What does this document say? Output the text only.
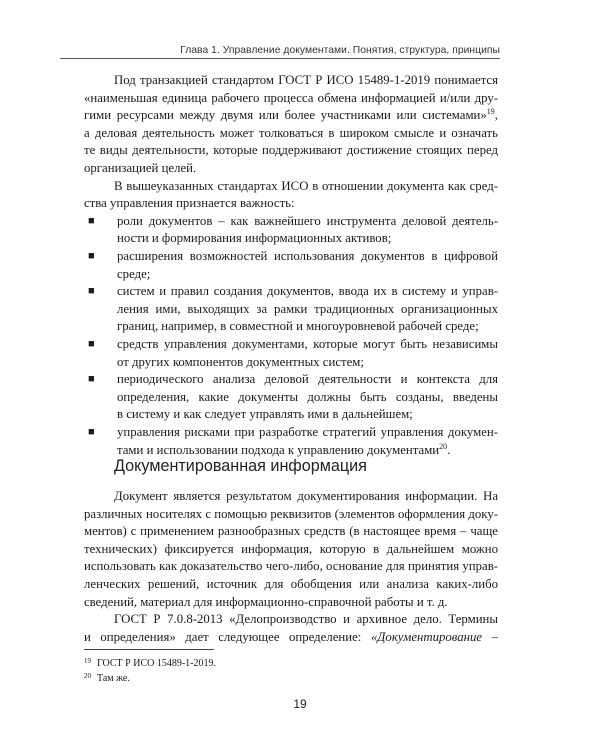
Глава 1. Управление документами. Понятия, структура, принципы

Под транзакцией стандартом ГОСТ Р ИСО 15489-1-2019 понимается

«наименьшая единица рабочего процесса обмена информацией и/или дру-

гими ресурсами между двумя или более участниками или системами»$^{19}$,

а деловая деятельность может толковаться в широком смысле и означать

те виды деятельности, которые поддерживают достижение стоящих перед

организацией целей.

В вышеуказанных стандартах ИСО в отношении документа как сред-

ства управления признается важность:

■ роли документов – как важнейшего инструмента деловой деятель-
ности и формирования информационных активов;
■ расширения возможностей использования документов в цифровой
среде;
■ систем и правил создания документов, ввода их в систему и управ-
ления ими, выходящих за рамки традиционных организационных
границ, например, в совместной и многоуровневой рабочей среде;
■ средств управления документами, которые могут быть независимы
от других компонентов документных систем;
■ периодического анализа деловой деятельности и контекста для
определения, какие документы должны быть созданы, введены
в систему и как следует управлять ими в дальнейшем;
■ управления рисками при разработке стратегий управления докумен-
тами и использовании подхода к управлению документами$^{20}$.
Документированная информация

Документ является результатом документирования информации. На

различных носителях с помощью реквизитов (элементов оформления доку-

ментов) с применением разнообразных средств (в настоящее время – чаще

технических) фиксируется информация, которую в дальнейшем можно

использовать как доказательство чего-либо, основание для принятия управ-

ленческих решений, источник для обобщения или анализа каких-либо

сведений, материал для информационно-справочной работы и т. д.

ГОСТ Р 7.0.8-2013 «Делопроизводство и архивное дело. Термины

и определения» дает следующее определение: «Документирование –

$^{19}$ ГОСТ Р ИСО 15489-1-2019.
$^{20}$ Там же.
19
